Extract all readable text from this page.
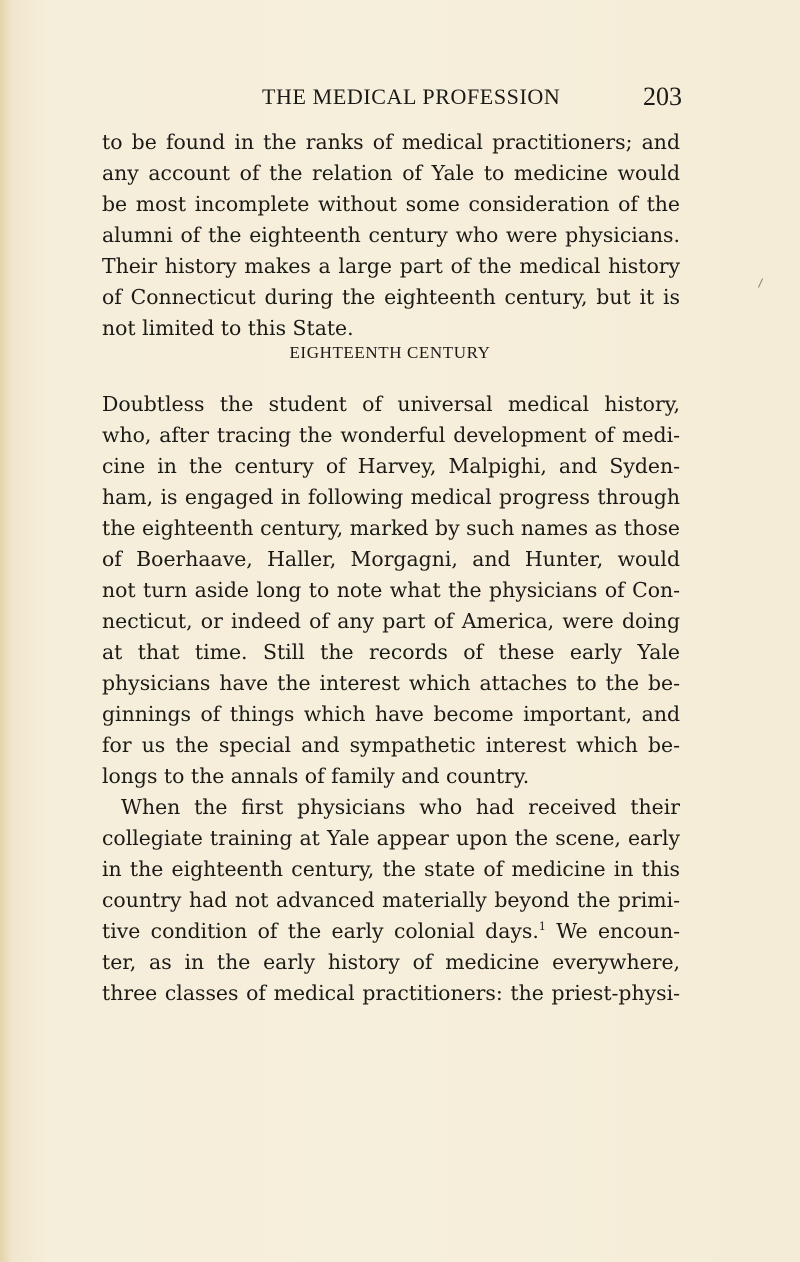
THE MEDICAL PROFESSION	203
to be found in the ranks of medical practitioners; and
any account of the relation of Yale to medicine would
be most incomplete without some consideration of the
alumni of the eighteenth century who were physicians.
Their history makes a large part of the medical history
of Connecticut during the eighteenth century, but it is
not limited to this State.
EIGHTEENTH CENTURY
Doubtless the student of universal medical history,
who, after tracing the wonderful development of medi-
cine in the century of Harvey, Malpighi, and Syden-
ham, is engaged in following medical progress through
the eighteenth century, marked by such names as those
of Boerhaave, Haller, Morgagni, and Hunter, would
not turn aside long to note what the physicians of Con-
necticut, or indeed of any part of America, were doing
at that time. Still the records of these early Yale
physicians have the interest which attaches to the be-
ginnings of things which have become important, and
for us the special and sympathetic interest which be-
longs to the annals of family and country.
When the first physicians who had received their
collegiate training at Yale appear upon the scene, early
in the eighteenth century, the state of medicine in this
country had not advanced materially beyond the primi-
tive condition of the early colonial days.$^1$ We encoun-
ter, as in the early history of medicine everywhere,
three classes of medical practitioners: the priest-physi-
